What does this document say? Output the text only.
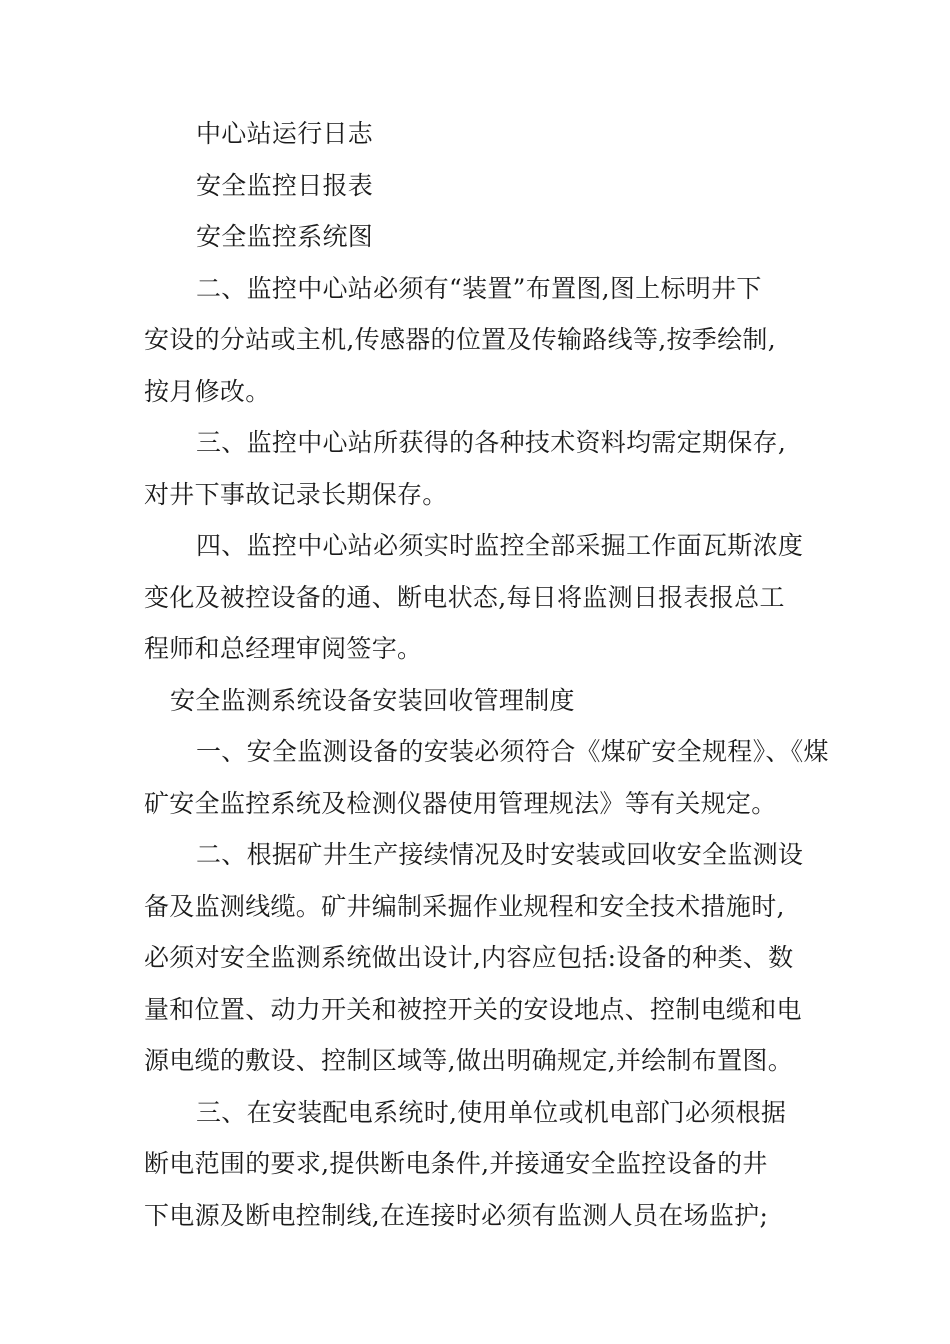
中心站运行日志
安全监控日报表
安全监控系统图
二、监控中心站必须有“装置”布置图,图上标明井下
安设的分站或主机,传感器的位置及传输路线等,按季绘制,
按月修改。
三、监控中心站所获得的各种技术资料均需定期保存,
对井下事故记录长期保存。
四、监控中心站必须实时监控全部采掘工作面瓦斯浓度
变化及被控设备的通、断电状态,每日将监测日报表报总工
程师和总经理审阅签字。
安全监测系统设备安装回收管理制度
一、安全监测设备的安装必须符合《煤矿安全规程》、《煤
矿安全监控系统及检测仪器使用管理规法》等有关规定。
二、根据矿井生产接续情况及时安装或回收安全监测设
备及监测线缆。矿井编制采掘作业规程和安全技术措施时,
必须对安全监测系统做出设计,内容应包括:设备的种类、数
量和位置、动力开关和被控开关的安设地点、控制电缆和电
源电缆的敷设、控制区域等,做出明确规定,并绘制布置图。
三、在安装配电系统时,使用单位或机电部门必须根据
断电范围的要求,提供断电条件,并接通安全监控设备的井
下电源及断电控制线,在连接时必须有监测人员在场监护;
